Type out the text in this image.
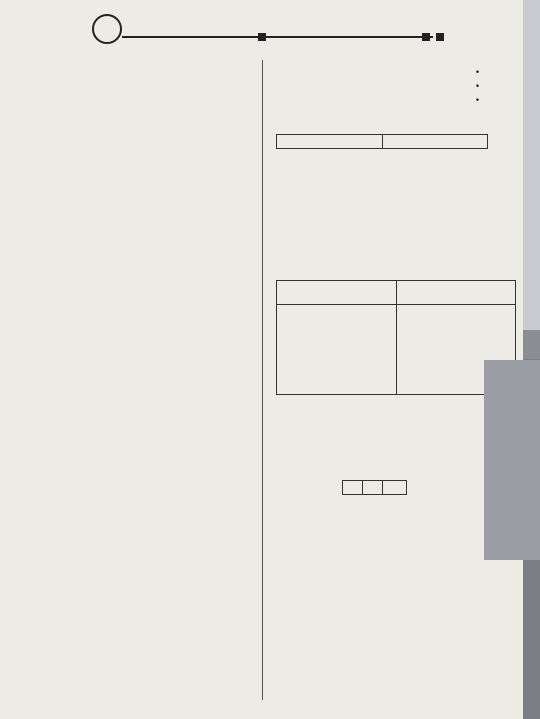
•
•
•

•
•
•
